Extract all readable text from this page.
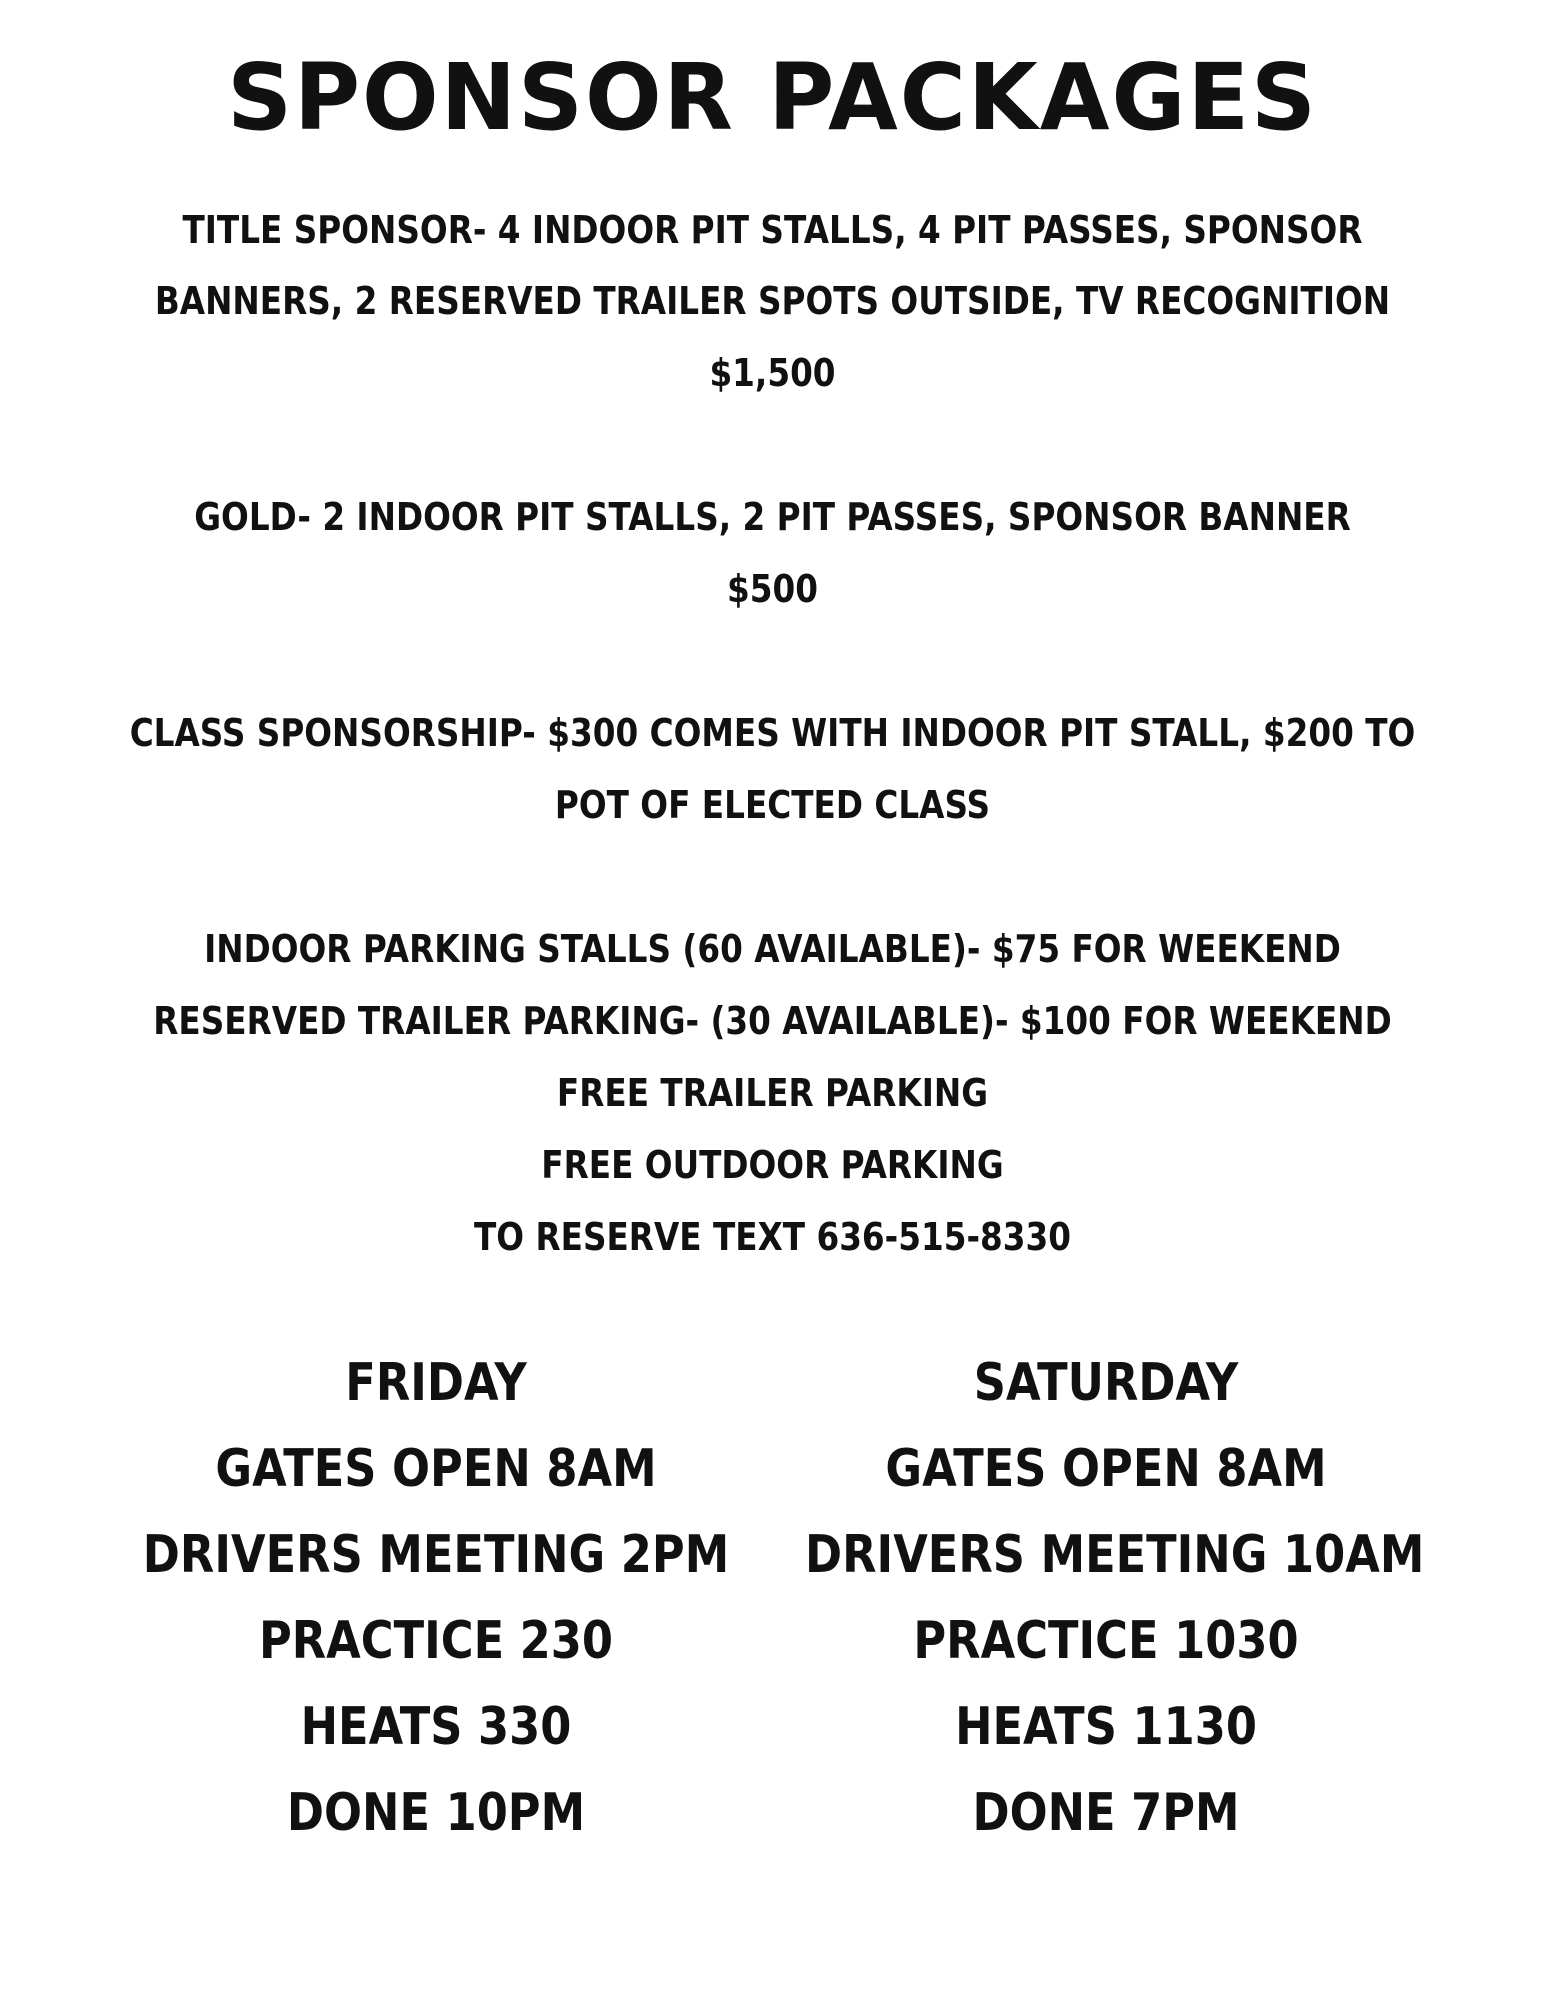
SPONSOR PACKAGES
TITLE SPONSOR- 4 INDOOR PIT STALLS, 4 PIT PASSES, SPONSOR
BANNERS, 2 RESERVED TRAILER SPOTS OUTSIDE, TV RECOGNITION
$1,500
GOLD- 2 INDOOR PIT STALLS, 2 PIT PASSES, SPONSOR BANNER
$500
CLASS SPONSORSHIP- $300 COMES WITH INDOOR PIT STALL, $200 TO
POT OF ELECTED CLASS
INDOOR PARKING STALLS (60 AVAILABLE)- $75 FOR WEEKEND
RESERVED TRAILER PARKING- (30 AVAILABLE)- $100 FOR WEEKEND
FREE TRAILER PARKING
FREE OUTDOOR PARKING
TO RESERVE TEXT 636-515-8330
FRIDAY
GATES OPEN 8AM
DRIVERS MEETING 2PM
PRACTICE 230
HEATS 330
DONE 10PM
SATURDAY
GATES OPEN 8AM
DRIVERS MEETING 10AM
PRACTICE 1030
HEATS 1130
DONE 7PM
